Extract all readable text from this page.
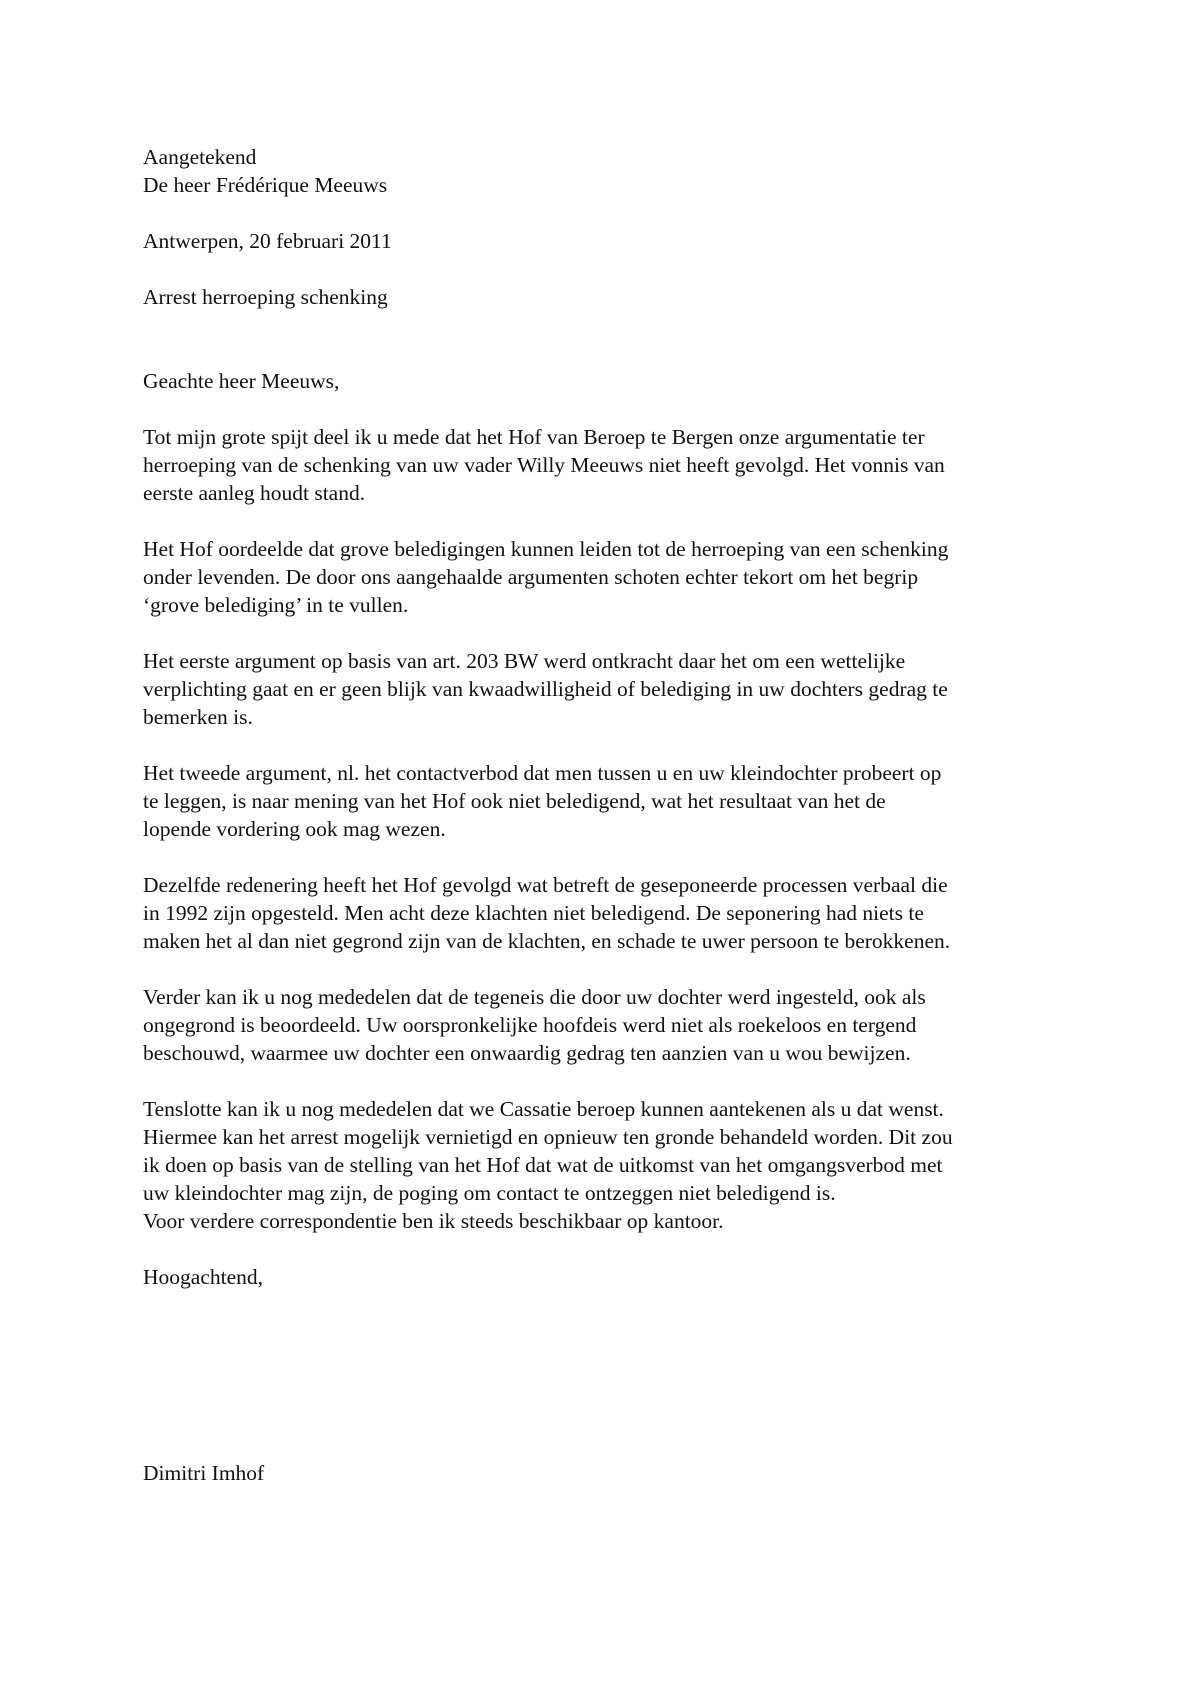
Aangetekend
De heer Frédérique Meeuws
Antwerpen, 20 februari 2011
Arrest herroeping schenking
Geachte heer Meeuws,
Tot mijn grote spijt deel ik u mede dat het Hof van Beroep te Bergen onze argumentatie ter
herroeping van de schenking van uw vader Willy Meeuws niet heeft gevolgd. Het vonnis van
eerste aanleg houdt stand.
Het Hof oordeelde dat grove beledigingen kunnen leiden tot de herroeping van een schenking
onder levenden. De door ons aangehaalde argumenten schoten echter tekort om het begrip
‘grove belediging’ in te vullen.
Het eerste argument op basis van art. 203 BW werd ontkracht daar het om een wettelijke
verplichting gaat en er geen blijk van kwaadwilligheid of belediging in uw dochters gedrag te
bemerken is.
Het tweede argument, nl. het contactverbod dat men tussen u en uw kleindochter probeert op
te leggen, is naar mening van het Hof ook niet beledigend, wat het resultaat van het de
lopende vordering ook mag wezen.
Dezelfde redenering heeft het Hof gevolgd wat betreft de geseponeerde processen verbaal die
in 1992 zijn opgesteld. Men acht deze klachten niet beledigend. De seponering had niets te
maken het al dan niet gegrond zijn van de klachten, en schade te uwer persoon te berokkenen.
Verder kan ik u nog mededelen dat de tegeneis die door uw dochter werd ingesteld, ook als
ongegrond is beoordeeld. Uw oorspronkelijke hoofdeis werd niet als roekeloos en tergend
beschouwd, waarmee uw dochter een onwaardig gedrag ten aanzien van u wou bewijzen.
Tenslotte kan ik u nog mededelen dat we Cassatie beroep kunnen aantekenen als u dat wenst.
Hiermee kan het arrest mogelijk vernietigd en opnieuw ten gronde behandeld worden. Dit zou
ik doen op basis van de stelling van het Hof dat wat de uitkomst van het omgangsverbod met
uw kleindochter mag zijn, de poging om contact te ontzeggen niet beledigend is.
Voor verdere correspondentie ben ik steeds beschikbaar op kantoor.
Hoogachtend,
Dimitri Imhof
